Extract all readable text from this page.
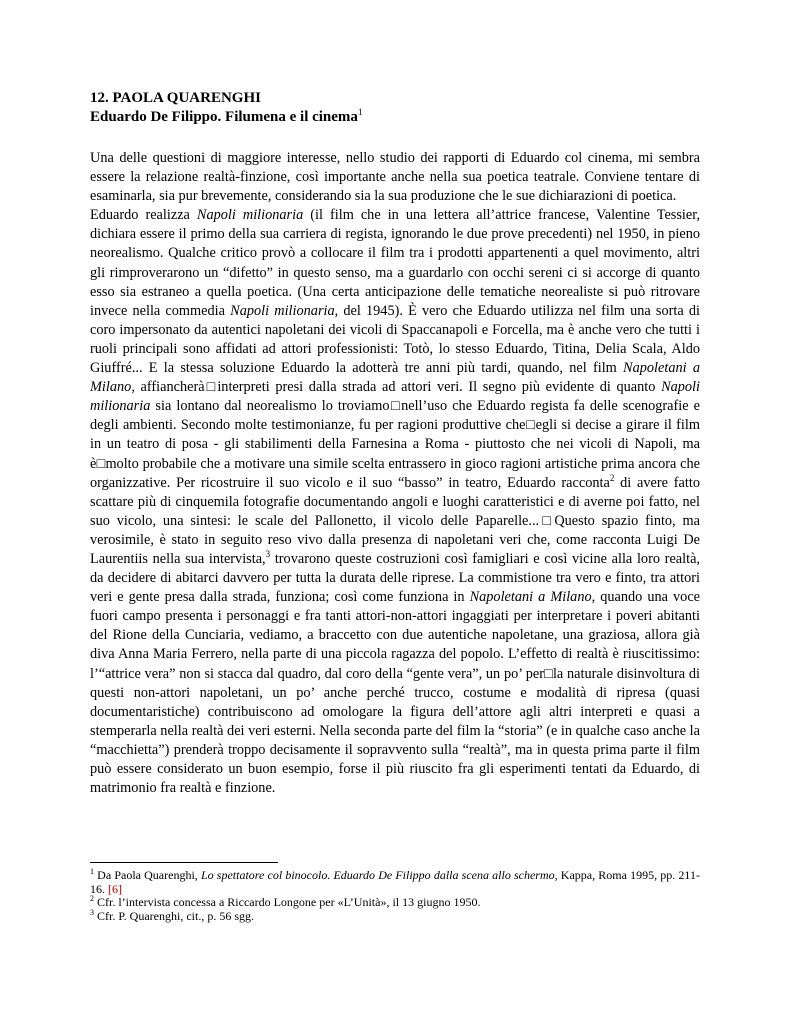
12. PAOLA QUARENGHI
Eduardo De Filippo. Filumena e il cinema$^1$

Una delle questioni di maggiore interesse, nello studio dei rapporti di Eduardo col cinema, mi sembra essere la relazione realtà-finzione, così importante anche nella sua poetica teatrale. Conviene tentare di esaminarla, sia pur brevemente, considerando sia la sua produzione che le sue dichiarazioni di poetica.

Eduardo realizza Napoli milionaria (il film che in una lettera all’attrice francese, Valentine Tessier, dichiara essere il primo della sua carriera di regista, ignorando le due prove precedenti) nel 1950, in pieno neorealismo. Qualche critico provò a collocare il film tra i prodotti appartenenti a quel movimento, altri gli rimproverarono un “difetto” in questo senso, ma a guardarlo con occhi sereni ci si accorge di quanto esso sia estraneo a quella poetica. (Una certa anticipazione delle tematiche neorealiste si può ritrovare invece nella commedia Napoli milionaria, del 1945). È vero che Eduardo utilizza nel film una sorta di coro impersonato da autentici napoletani dei vicoli di Spaccanapoli e Forcella, ma è anche vero che tutti i ruoli principali sono affidati ad attori professionisti: Totò, lo stesso Eduardo, Titina, Delia Scala, Aldo Giuffré... E la stessa soluzione Eduardo la adotterà tre anni più tardi, quando, nel film Napoletani a Milano, affiancherà□interpreti presi dalla strada ad attori veri. Il segno più evidente di quanto Napoli milionaria sia lontano dal neorealismo lo troviamo□nell’uso che Eduardo regista fa delle scenografie e degli ambienti. Secondo molte testimonianze, fu per ragioni produttive che□egli si decise a girare il film in un teatro di posa - gli stabilimenti della Farnesina a Roma - piuttosto che nei vicoli di Napoli, ma è□molto probabile che a motivare una simile scelta entrassero in gioco ragioni artistiche prima ancora che organizzative. Per ricostruire il suo vicolo e il suo “basso” in teatro, Eduardo racconta$^2$ di avere fatto scattare più di cinquemila fotografie documentando angoli e luoghi caratteristici e di averne poi fatto, nel suo vicolo, una sintesi: le scale del Pallonetto, il vicolo delle Paparelle...□Questo spazio finto, ma verosimile, è stato in seguito reso vivo dalla presenza di napoletani veri che, come racconta Luigi De Laurentiis nella sua intervista,$^3$ trovarono queste costruzioni così famigliari e così vicine alla loro realtà, da decidere di abitarci davvero per tutta la durata delle riprese. La commistione tra vero e finto, tra attori veri e gente presa dalla strada, funziona; così come funziona in Napoletani a Milano, quando una voce fuori campo presenta i personaggi e fra tanti attori-non-attori ingaggiati per interpretare i poveri abitanti del Rione della Cunciaria, vediamo, a braccetto con due autentiche napoletane, una graziosa, allora già diva Anna Maria Ferrero, nella parte di una piccola ragazza del popolo. L’effetto di realtà è riuscitissimo: l’“attrice vera” non si stacca dal quadro, dal coro della “gente vera”, un po’ per□la naturale disinvoltura di questi non-attori napoletani, un po’ anche perché trucco, costume e modalità di ripresa (quasi documentaristiche) contribuiscono ad omologare la figura dell’attore agli altri interpreti e quasi a stemperarla nella realtà dei veri esterni. Nella seconda parte del film la “storia” (e in qualche caso anche la “macchietta”) prenderà troppo decisamente il sopravvento sulla “realtà”, ma in questa prima parte il film può essere considerato un buon esempio, forse il più riuscito fra gli esperimenti tentati da Eduardo, di matrimonio fra realtà e finzione.

$^1$ Da Paola Quarenghi, Lo spettatore col binocolo. Eduardo De Filippo dalla scena allo schermo, Kappa, Roma 1995, pp. 211-16. [6]
$^2$ Cfr. l’intervista concessa a Riccardo Longone per «L’Unità», il 13 giugno 1950.
$^3$ Cfr. P. Quarenghi, cit., p. 56 sgg.
